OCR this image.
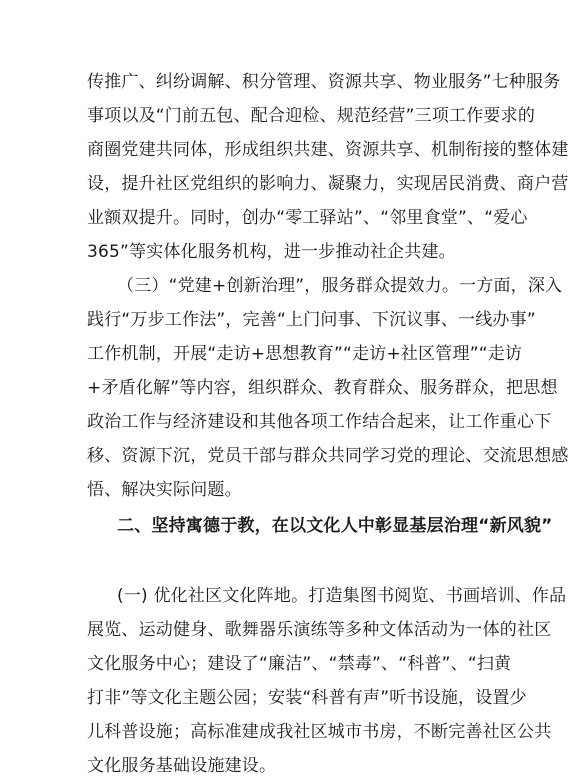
传推广、纠纷调解、积分管理、资源共享、物业服务”七种服务
事项以及“门前五包、配合迎检、规范经营”三项工作要求的
商圈党建共同体，形成组织共建、资源共享、机制衔接的整体建
设，提升社区党组织的影响力、凝聚力，实现居民消费、商户营
业额双提升。同时，创办“零工驿站”、“邻里食堂”、“爱心
365”等实体化服务机构，进一步推动社企共建。
（三）“党建+创新治理”，服务群众提效力。一方面，深入
践行“万步工作法”，完善“上门问事、下沉议事、一线办事”
工作机制，开展“走访+思想教育”“走访+社区管理”“走访
+矛盾化解”等内容，组织群众、教育群众、服务群众，把思想
政治工作与经济建设和其他各项工作结合起来，让工作重心下
移、资源下沉，党员干部与群众共同学习党的理论、交流思想感
悟、解决实际问题。
二、坚持寓德于教，在以文化人中彰显基层治理“新风貌”
(一) 优化社区文化阵地。打造集图书阅览、书画培训、作品
展览、运动健身、歌舞器乐演练等多种文体活动为一体的社区
文化服务中心；建设了“廉洁”、“禁毒”、“科普”、“扫黄
打非”等文化主题公园；安装“科普有声”听书设施，设置少
儿科普设施；高标准建成我社区城市书房，不断完善社区公共
文化服务基础设施建设。
